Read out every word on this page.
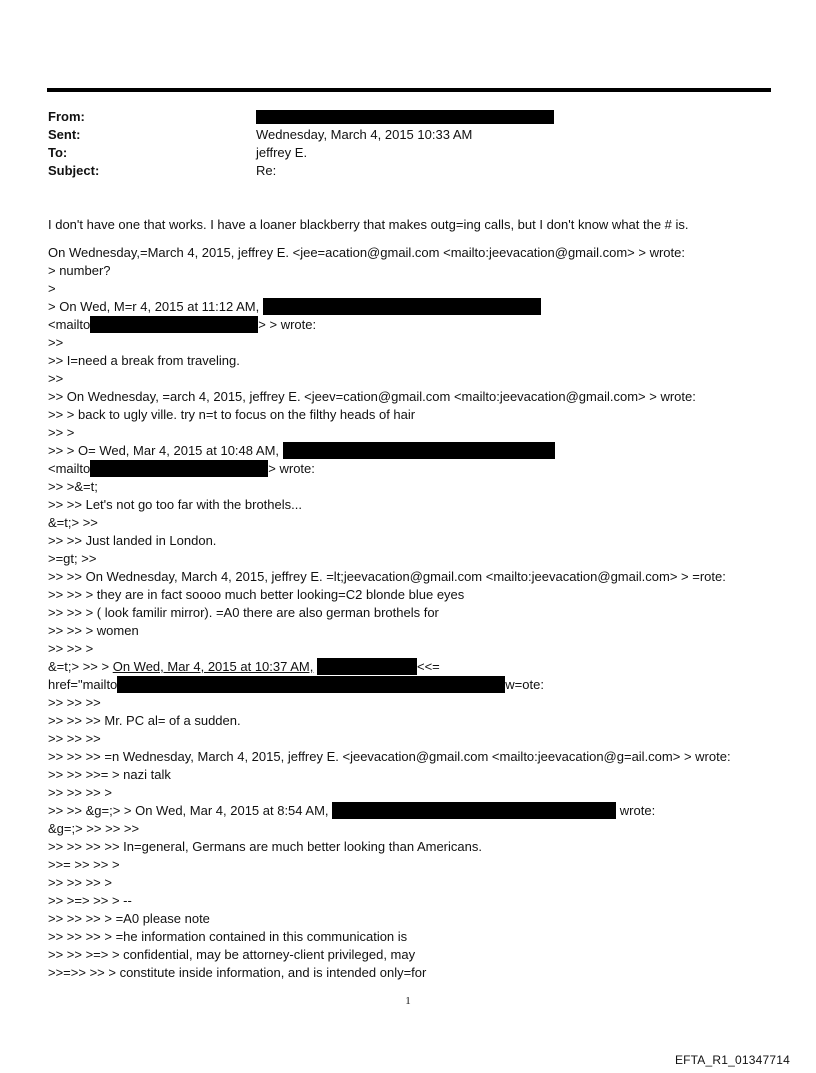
From:
Sent:	Wednesday, March 4, 2015 10:33 AM
To:	jeffrey E.
Subject:	Re:
I don't have one that works. I have a loaner blackberry that makes outg=ing calls, but I don't know what the # is.
On Wednesday,=March 4, 2015, jeffrey E. <jee=acation@gmail.com <mailto:jeevacation@gmail.com> > wrote:
> number?
>
> On Wed, M=r 4, 2015 at 11:12 AM,
<mailto	> > wrote:
>>
>> I=need a break from traveling.
>>
>> On Wednesday, =arch 4, 2015, jeffrey E. <jeev=cation@gmail.com <mailto:jeevacation@gmail.com> > wrote:
>> > back to ugly ville. try n=t to focus on the filthy heads of hair
>> >
>> > O= Wed, Mar 4, 2015 at 10:48 AM,
<mailto	> wrote:
>> >&=t;
>> >> Let's not go too far with the brothels...
&=t;> >>
>> >> Just landed in London.
>=gt; >>
>> >> On Wednesday, March 4, 2015, jeffrey E. =lt;jeevacation@gmail.com <mailto:jeevacation@gmail.com> > =rote:
>> >> > they are in fact soooo much better looking=C2 blonde blue eyes
>> >> > ( look familir mirror). =A0 there are also german brothels for
>> >> > women
>> >> >
&=t;> >> > On Wed, Mar 4, 2015 at 10:37 AM,	<<=
href="mailto	w=ote:
>> >> >>
>> >> >> Mr. PC al= of a sudden.
>> >> >>
>> >> >> =n Wednesday, March 4, 2015, jeffrey E. <jeevacation@gmail.com <mailto:jeevacation@g=ail.com> > wrote:
>> >> >>= > nazi talk
>> >> >> >
>> >> &g=;> > On Wed, Mar 4, 2015 at 8:54 AM,	wrote:
&g=;> >> >> >>
>> >> >> >> In=general, Germans are much better looking than Americans.
>>= >> >> >
>> >> >> >
>> >=> >> > --
>> >> >> > =A0 please note
>> >> >> > =he information contained in this communication is
>> >> >=> > confidential, may be attorney-client privileged, may
>>=>> >> > constitute inside information, and is intended only=for
1
EFTA_R1_01347714
